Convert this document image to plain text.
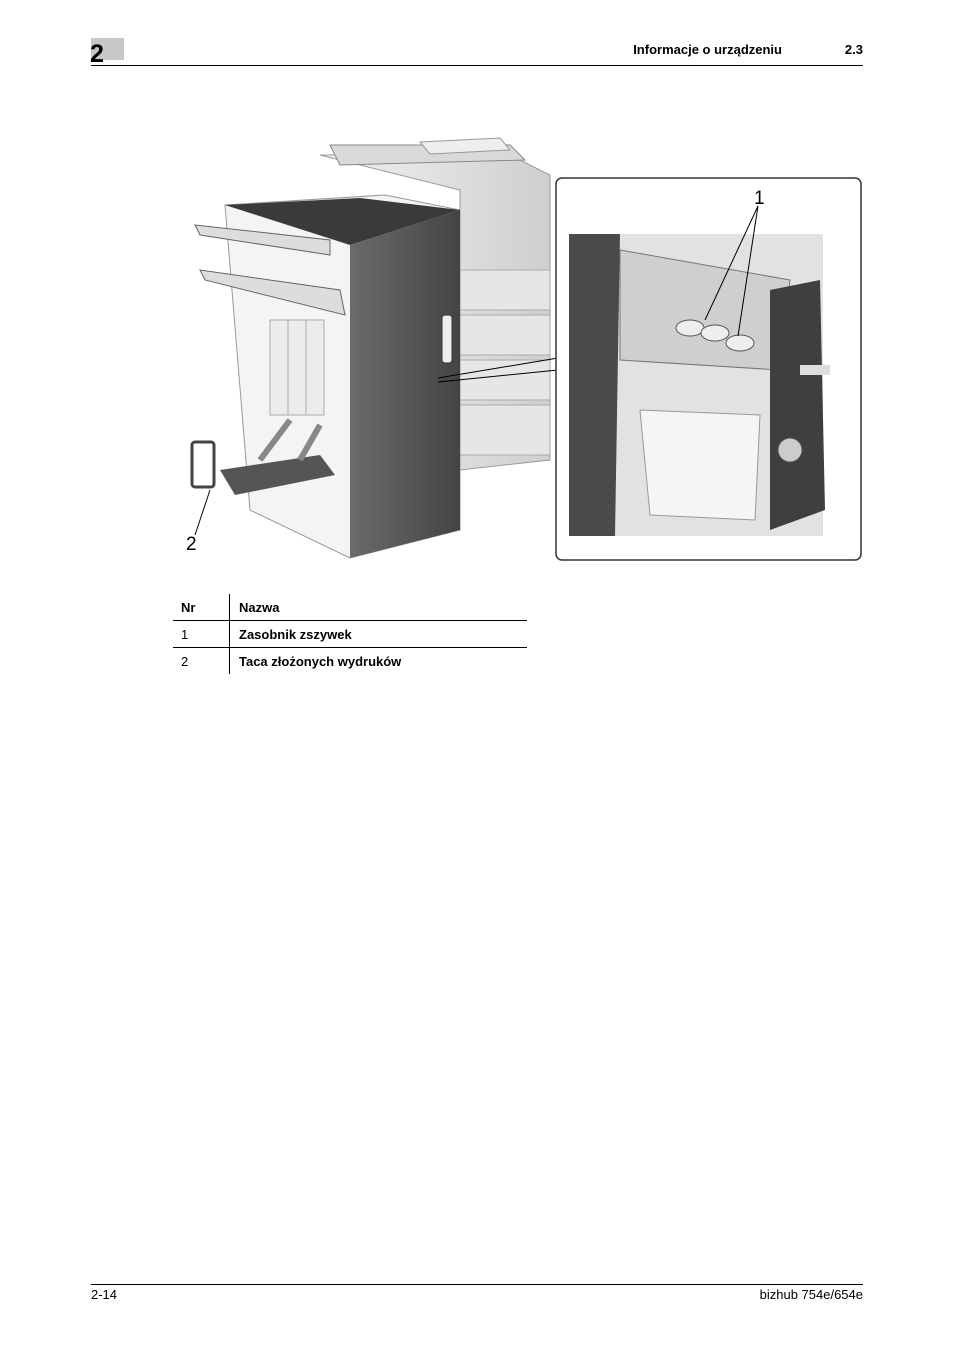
2	Informacje o urządzeniu	2.3
1
2
Nr	Nazwa
1	Zasobnik zszywek
2	Taca złożonych wydruków
2-14	bizhub 754e/654e
